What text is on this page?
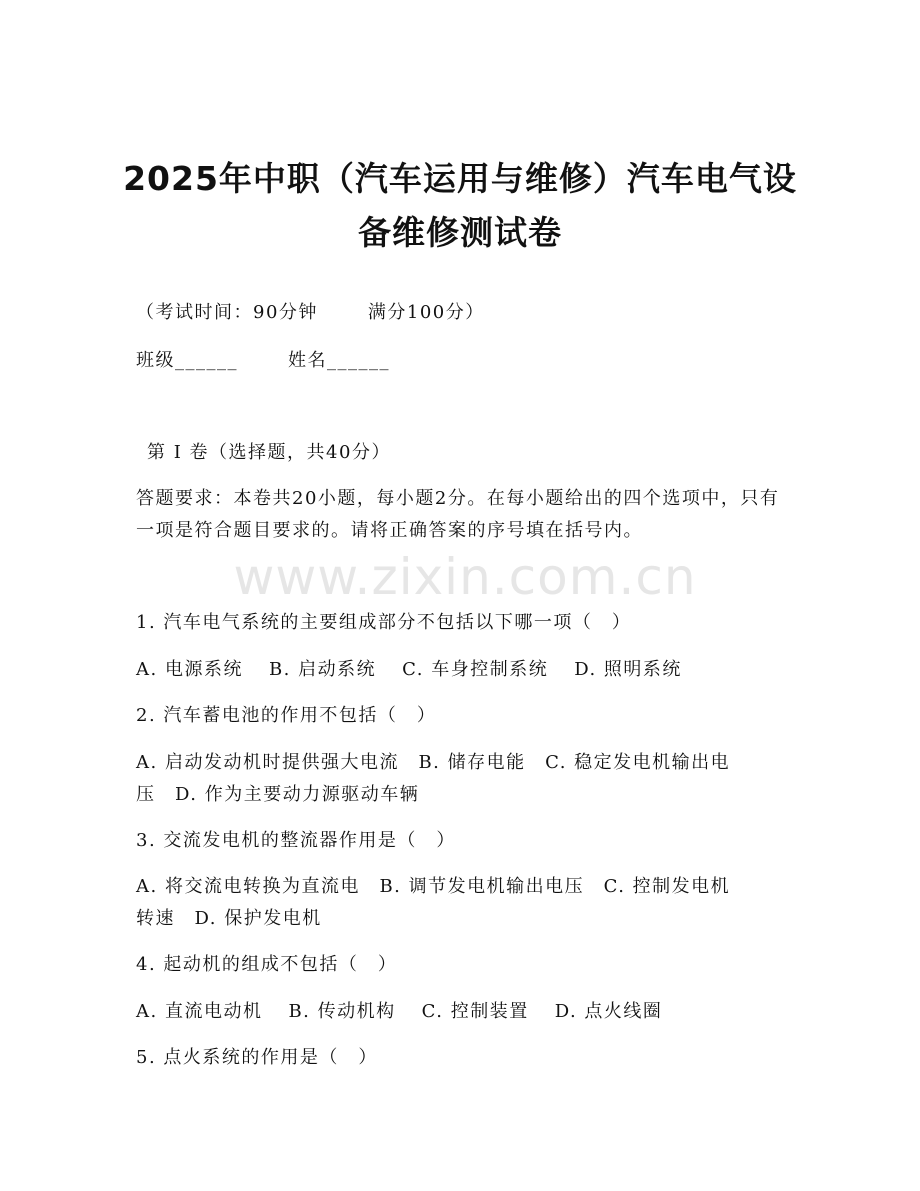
2025年中职（汽车运用与维修）汽车电气设
备维修测试卷
（考试时间：90分钟	满分100分）
班级______	姓名______
第 I 卷（选择题，共40分）
答题要求：本卷共20小题，每小题2分。在每小题给出的四个选项中，只有一项是符合题目要求的。请将正确答案的序号填在括号内。
www.zixin.com.cn
1. 汽车电气系统的主要组成部分不包括以下哪一项（　）
A. 电源系统 B. 启动系统 C. 车身控制系统 D. 照明系统
2. 汽车蓄电池的作用不包括（　）
A. 启动发动机时提供强大电流　B. 储存电能　C. 稳定发电机输出电
压　D. 作为主要动力源驱动车辆
3. 交流发电机的整流器作用是（　）
A. 将交流电转换为直流电　B. 调节发电机输出电压　C. 控制发电机
转速　D. 保护发电机
4. 起动机的组成不包括（　）
A. 直流电动机 B. 传动机构 C. 控制装置 D. 点火线圈
5. 点火系统的作用是（　）
